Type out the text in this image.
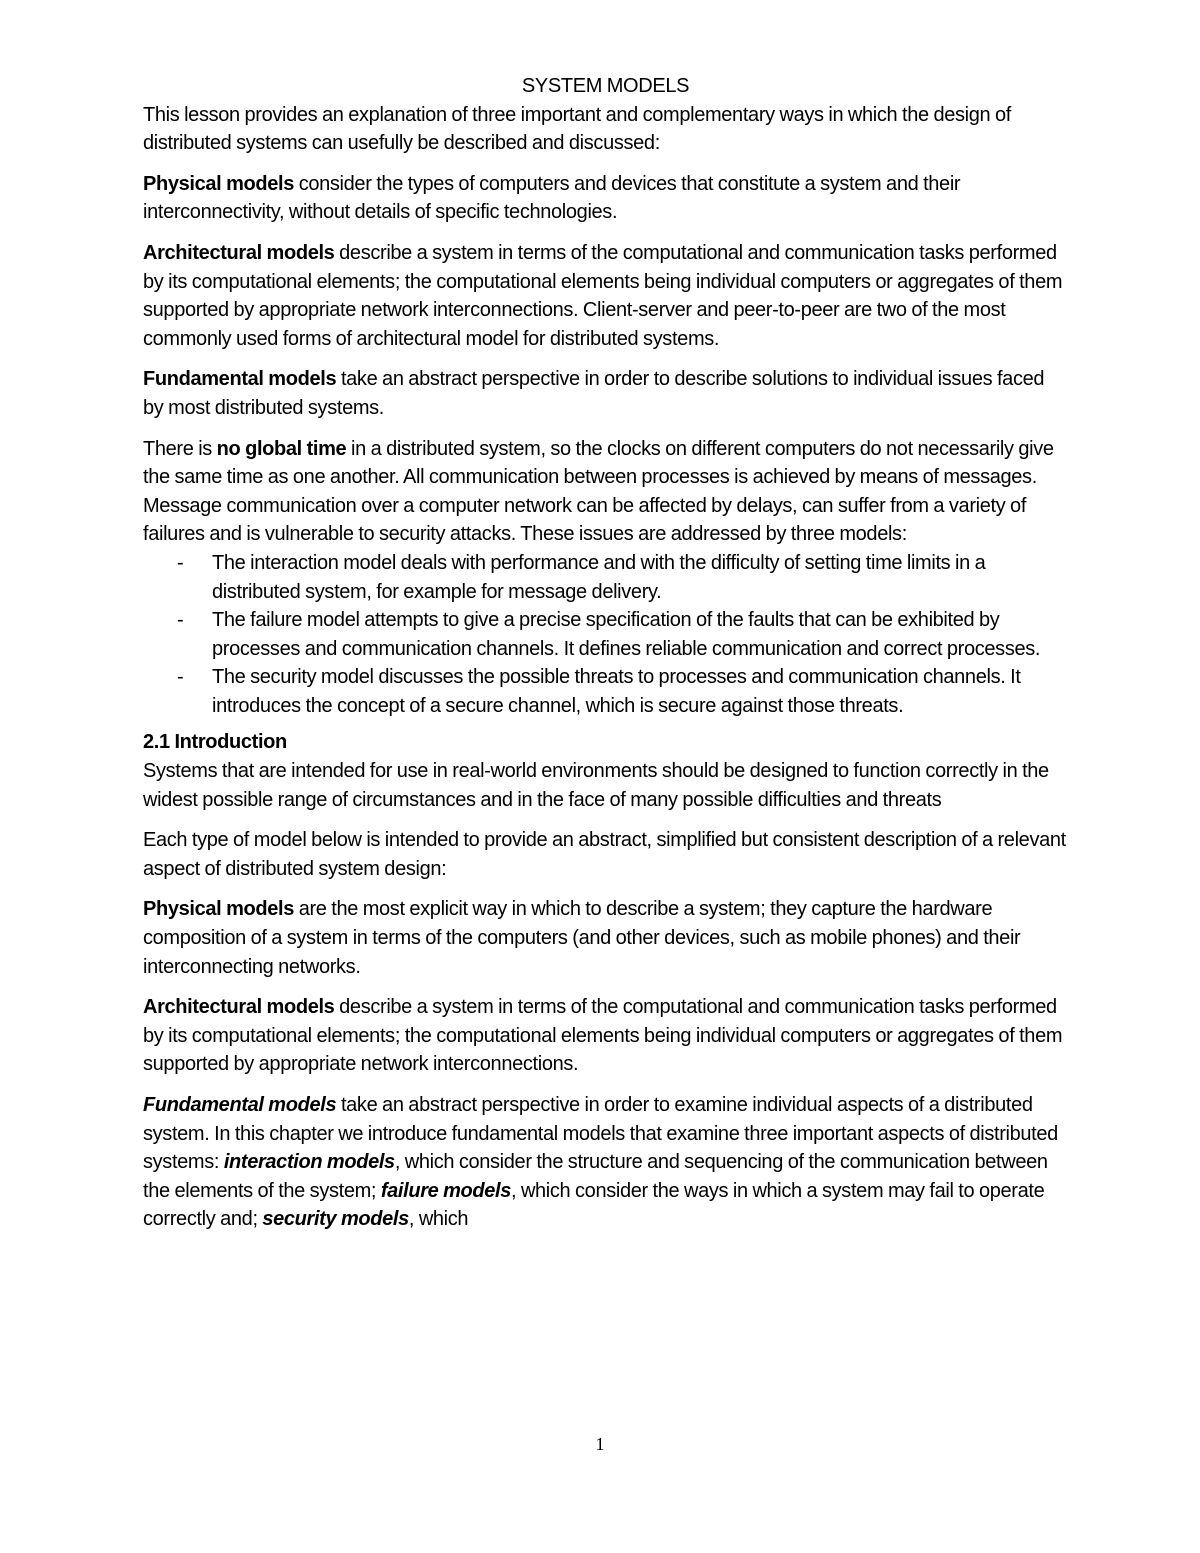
SYSTEM MODELS

This lesson provides an explanation of three important and complementary ways in which the design of distributed systems can usefully be described and discussed:

Physical models consider the types of computers and devices that constitute a system and their interconnectivity, without details of specific technologies.

Architectural models describe a system in terms of the computational and communication tasks performed by its computational elements; the computational elements being individual computers or aggregates of them supported by appropriate network interconnections. Client-server and peer-to-peer are two of the most commonly used forms of architectural model for distributed systems.

Fundamental models take an abstract perspective in order to describe solutions to individual issues faced by most distributed systems.

There is no global time in a distributed system, so the clocks on different computers do not necessarily give the same time as one another. All communication between processes is achieved by means of messages. Message communication over a computer network can be affected by delays, can suffer from a variety of failures and is vulnerable to security attacks. These issues are addressed by three models:

- The interaction model deals with performance and with the difficulty of setting time limits in a distributed system, for example for message delivery.
- The failure model attempts to give a precise specification of the faults that can be exhibited by processes and communication channels. It defines reliable communication and correct processes.
- The security model discusses the possible threats to processes and communication channels. It introduces the concept of a secure channel, which is secure against those threats.
2.1 Introduction

Systems that are intended for use in real-world environments should be designed to function correctly in the widest possible range of circumstances and in the face of many possible difficulties and threats

Each type of model below is intended to provide an abstract, simplified but consistent description of a relevant aspect of distributed system design:

Physical models are the most explicit way in which to describe a system; they capture the hardware composition of a system in terms of the computers (and other devices, such as mobile phones) and their interconnecting networks.

Architectural models describe a system in terms of the computational and communication tasks performed by its computational elements; the computational elements being individual computers or aggregates of them supported by appropriate network interconnections.

Fundamental models take an abstract perspective in order to examine individual aspects of a distributed system. In this chapter we introduce fundamental models that examine three important aspects of distributed systems: interaction models, which consider the structure and sequencing of the communication between the elements of the system; failure models, which consider the ways in which a system may fail to operate correctly and; security models, which

1
